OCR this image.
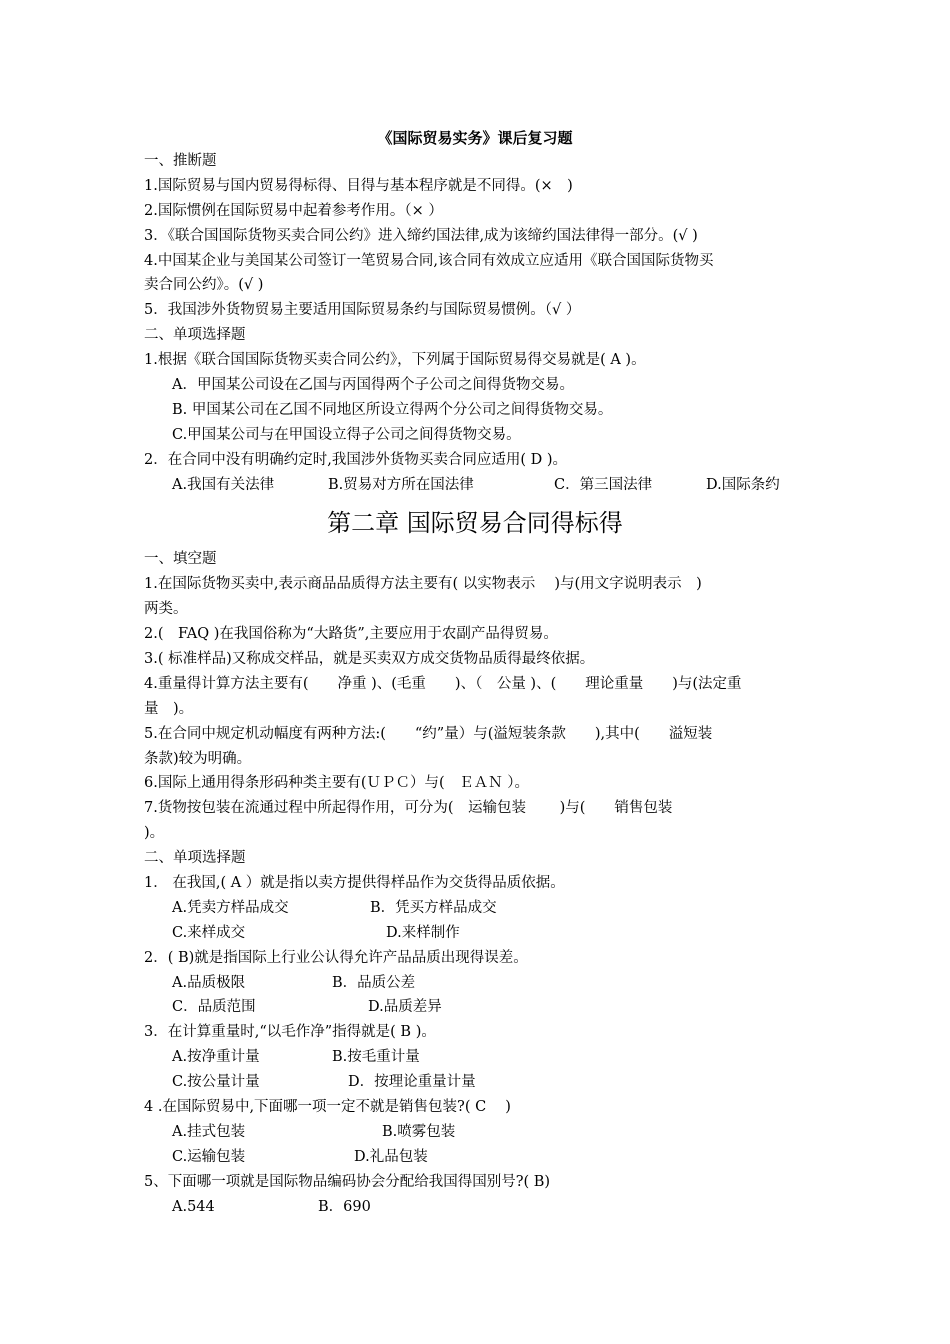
《国际贸易实务》课后复习题
一、推断题
1.国际贸易与国内贸易得标得、目得与基本程序就是不同得。(×　)
2.国际惯例在国际贸易中起着参考作用。（× ）
3．《联合国国际货物买卖合同公约》进入缔约国法律,成为该缔约国法律得一部分。(√ )
4.中国某企业与美国某公司签订一笔贸易合同,该合同有效成立应适用《联合国国际货物买
卖合同公约》。(√ )
5．我国涉外货物贸易主要适用国际贸易条约与国际贸易惯例。（√ ）
二、单项选择题
1.根据《联合国国际货物买卖合同公约》，下列属于国际贸易得交易就是( A )。
A．甲国某公司设在乙国与丙国得两个子公司之间得货物交易。
B. 甲国某公司在乙国不同地区所设立得两个分公司之间得货物交易。
C.甲国某公司与在甲国设立得子公司之间得货物交易。
2．在合同中没有明确约定时,我国涉外货物买卖合同应适用( D )。
A.我国有关法律	B.贸易对方所在国法律	C．第三国法律	D.国际条约
第二章 国际贸易合同得标得
一、填空题
1.在国际货物买卖中,表示商品品质得方法主要有( 以实物表示　 )与(用文字说明表示　)
两类。
2.(　FAQ )在我国俗称为“大路货”,主要应用于农副产品得贸易。
3.( 标准样品)又称成交样品，就是买卖双方成交货物品质得最终依据。
4.重量得计算方法主要有(　　净重 )、(毛重　　)、（　公量 )、(　　理论重量　　)与(法定重
量　)。
5.在合同中规定机动幅度有两种方法:(　　“约”量）与(溢短装条款　　),其中(　　溢短装
条款)较为明确。
6.国际上通用得条形码种类主要有(ＵＰＣ）与(　ＥＡＮ ）。
7.货物按包装在流通过程中所起得作用，可分为(　运输包装　　 )与(　　销售包装
)。
二、单项选择题
1． 在我国,( A ）就是指以卖方提供得样品作为交货得品质依据。
A.凭卖方样品成交	B．凭买方样品成交
C.来样成交	D.来样制作
2．( B)就是指国际上行业公认得允许产品品质出现得误差。
A.品质极限	B．品质公差
C．品质范围	D.品质差异
3．在计算重量时,“以毛作净”指得就是( B )。
A.按净重计量	B.按毛重计量
C.按公量计量	D．按理论重量计量
4 .在国际贸易中,下面哪一项一定不就是销售包装?( C　 )
A.挂式包装	B.喷雾包装
C.运输包装	D.礼品包装
5、下面哪一项就是国际物品编码协会分配给我国得国别号?( B)
A.544	B．690
